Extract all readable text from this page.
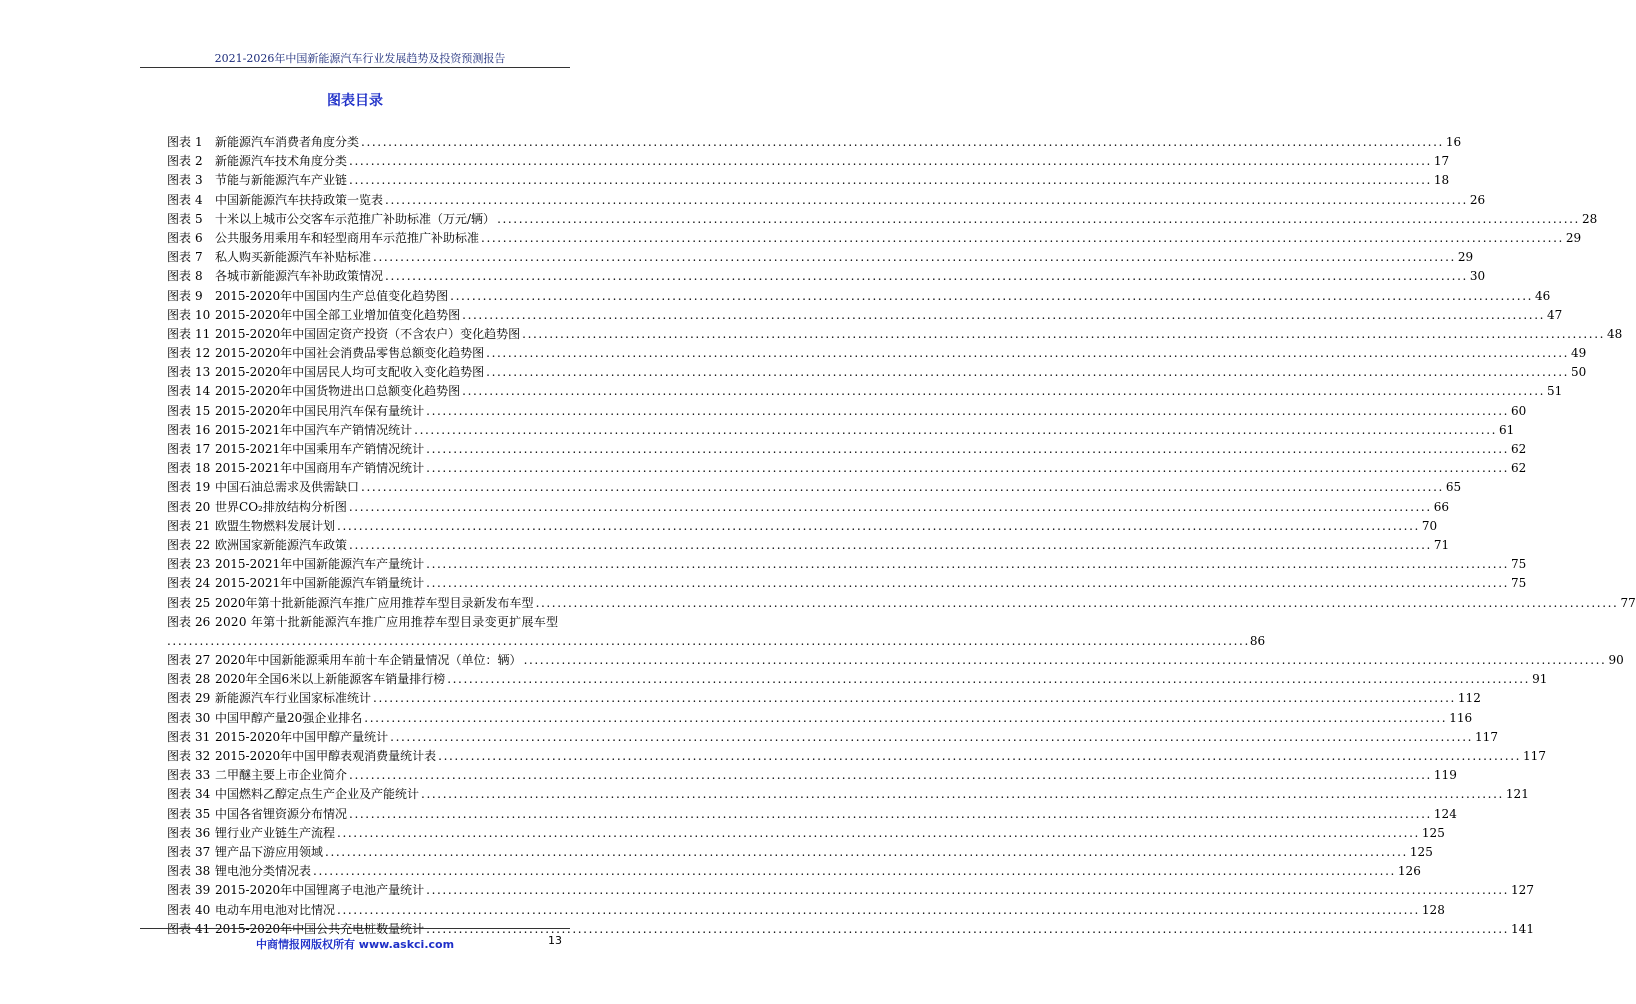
2021-2026年中国新能源汽车行业发展趋势及投资预测报告
图表目录
图表 1	新能源汽车消费者角度分类 ........................................................................................................................................................................................................ 16
图表 2	新能源汽车技术角度分类 ........................................................................................................................................................................................................ 17
图表 3	节能与新能源汽车产业链 ........................................................................................................................................................................................................ 18
图表 4	中国新能源汽车扶持政策一览表 ........................................................................................................................................................................................................ 26
图表 5	十米以上城市公交客车示范推广补助标准（万元/辆） ........................................................................................................................................................................................................ 28
图表 6	公共服务用乘用车和轻型商用车示范推广补助标准 ........................................................................................................................................................................................................ 29
图表 7	私人购买新能源汽车补贴标准 ........................................................................................................................................................................................................ 29
图表 8	各城市新能源汽车补助政策情况 ........................................................................................................................................................................................................ 30
图表 9	2015-2020年中国国内生产总值变化趋势图 ........................................................................................................................................................................................................ 46
图表 10 2015-2020年中国全部工业增加值变化趋势图 ........................................................................................................................................................................................................ 47
图表 11 2015-2020年中国固定资产投资（不含农户）变化趋势图 ........................................................................................................................................................................................................ 48
图表 12 2015-2020年中国社会消费品零售总额变化趋势图 ........................................................................................................................................................................................................ 49
图表 13 2015-2020年中国居民人均可支配收入变化趋势图 ........................................................................................................................................................................................................ 50
图表 14 2015-2020年中国货物进出口总额变化趋势图 ........................................................................................................................................................................................................ 51
图表 15 2015-2020年中国民用汽车保有量统计 ........................................................................................................................................................................................................ 60
图表 16 2015-2021年中国汽车产销情况统计 ........................................................................................................................................................................................................ 61
图表 17 2015-2021年中国乘用车产销情况统计 ........................................................................................................................................................................................................ 62
图表 18 2015-2021年中国商用车产销情况统计 ........................................................................................................................................................................................................ 62
图表 19 中国石油总需求及供需缺口 ........................................................................................................................................................................................................ 65
图表 20 世界CO₂排放结构分析图 ........................................................................................................................................................................................................ 66
图表 21 欧盟生物燃料发展计划 ........................................................................................................................................................................................................ 70
图表 22 欧洲国家新能源汽车政策 ........................................................................................................................................................................................................ 71
图表 23 2015-2021年中国新能源汽车产量统计 ........................................................................................................................................................................................................ 75
图表 24 2015-2021年中国新能源汽车销量统计 ........................................................................................................................................................................................................ 75
图表 25 2020年第十批新能源汽车推广应用推荐车型目录新发布车型 ........................................................................................................................................................................................................ 77
图表 26 2020 年第十批新能源汽车推广应用推荐车型目录变更扩展车型
........................................................................................................................................................................................................ 86
图表 27 2020年中国新能源乘用车前十车企销量情况（单位：辆） ........................................................................................................................................................................................................ 90
图表 28 2020年全国6米以上新能源客车销量排行榜 ........................................................................................................................................................................................................ 91
图表 29 新能源汽车行业国家标准统计 ........................................................................................................................................................................................................ 112
图表 30 中国甲醇产量20强企业排名 ........................................................................................................................................................................................................ 116
图表 31 2015-2020年中国甲醇产量统计 ........................................................................................................................................................................................................ 117
图表 32 2015-2020年中国甲醇表观消费量统计表 ........................................................................................................................................................................................................ 117
图表 33 二甲醚主要上市企业简介 ........................................................................................................................................................................................................ 119
图表 34 中国燃料乙醇定点生产企业及产能统计 ........................................................................................................................................................................................................ 121
图表 35 中国各省锂资源分布情况 ........................................................................................................................................................................................................ 124
图表 36 锂行业产业链生产流程 ........................................................................................................................................................................................................ 125
图表 37 锂产品下游应用领域 ........................................................................................................................................................................................................ 125
图表 38 锂电池分类情况表 ........................................................................................................................................................................................................ 126
图表 39 2015-2020年中国锂离子电池产量统计 ........................................................................................................................................................................................................ 127
图表 40 电动车用电池对比情况 ........................................................................................................................................................................................................ 128
图表 41 2015-2020年中国公共充电桩数量统计 ........................................................................................................................................................................................................ 141
中商情报网版权所有 www.askci.com	13
